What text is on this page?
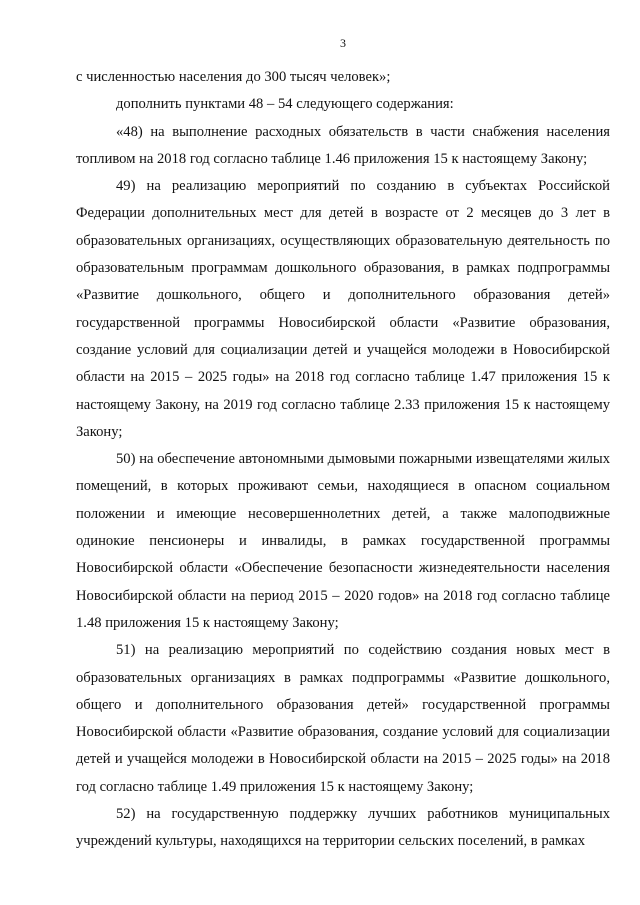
3

с численностью населения до 300 тысяч человек»;

дополнить пунктами 48 – 54 следующего содержания:

«48) на выполнение расходных обязательств в части снабжения населения топливом на 2018 год согласно таблице 1.46 приложения 15 к настоящему Закону;

49) на реализацию мероприятий по созданию в субъектах Российской Федерации дополнительных мест для детей в возрасте от 2 месяцев до 3 лет в образовательных организациях, осуществляющих образовательную деятельность по образовательным программам дошкольного образования, в рамках подпрограммы «Развитие дошкольного, общего и дополнительного образования детей» государственной программы Новосибирской области «Развитие образования, создание условий для социализации детей и учащейся молодежи в Новосибирской области на 2015 – 2025 годы» на 2018 год согласно таблице 1.47 приложения 15 к настоящему Закону, на 2019 год согласно таблице 2.33 приложения 15 к настоящему Закону;

50) на обеспечение автономными дымовыми пожарными извещателями жилых помещений, в которых проживают семьи, находящиеся в опасном социальном положении и имеющие несовершеннолетних детей, а также малоподвижные одинокие пенсионеры и инвалиды, в рамках государственной программы Новосибирской области «Обеспечение безопасности жизнедеятельности населения Новосибирской области на период 2015 – 2020 годов» на 2018 год согласно таблице 1.48 приложения 15 к настоящему Закону;

51) на реализацию мероприятий по содействию создания новых мест в образовательных организациях в рамках подпрограммы «Развитие дошкольного, общего и дополнительного образования детей» государственной программы Новосибирской области «Развитие образования, создание условий для социализации детей и учащейся молодежи в Новосибирской области на 2015 – 2025 годы» на 2018 год согласно таблице 1.49 приложения 15 к настоящему Закону;

52) на государственную поддержку лучших работников муниципальных учреждений культуры, находящихся на территории сельских поселений, в рамках
